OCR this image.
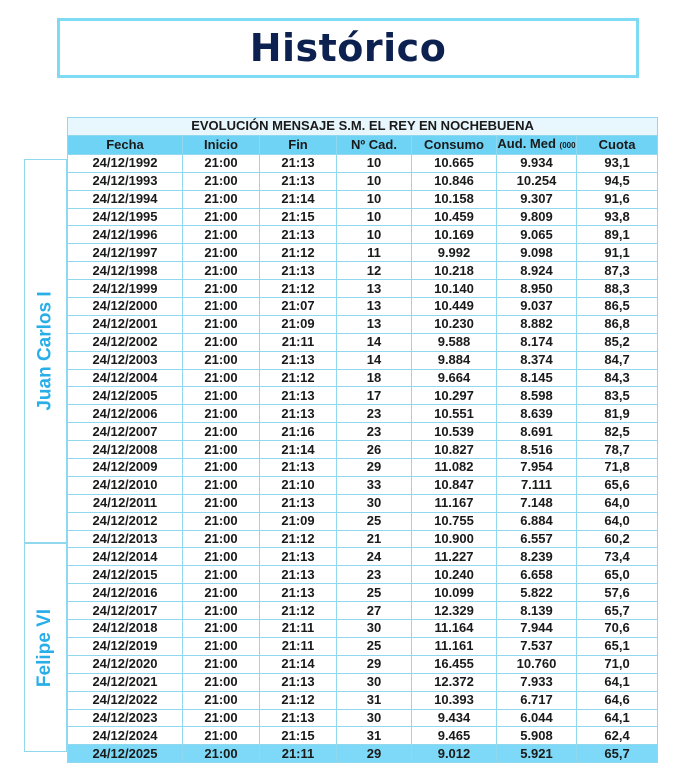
Histórico
Juan Carlos I
Felipe VI
EVOLUCIÓN MENSAJE S.M. EL REY EN NOCHEBUENA						
Fecha	Inicio	Fin	Nº Cad.	Consumo	Aud. Med (000	Cuota
24/12/1992	21:00	21:13	10	10.665	9.934	93,1
24/12/1993	21:00	21:13	10	10.846	10.254	94,5
24/12/1994	21:00	21:14	10	10.158	9.307	91,6
24/12/1995	21:00	21:15	10	10.459	9.809	93,8
24/12/1996	21:00	21:13	10	10.169	9.065	89,1
24/12/1997	21:00	21:12	11	9.992	9.098	91,1
24/12/1998	21:00	21:13	12	10.218	8.924	87,3
24/12/1999	21:00	21:12	13	10.140	8.950	88,3
24/12/2000	21:00	21:07	13	10.449	9.037	86,5
24/12/2001	21:00	21:09	13	10.230	8.882	86,8
24/12/2002	21:00	21:11	14	9.588	8.174	85,2
24/12/2003	21:00	21:13	14	9.884	8.374	84,7
24/12/2004	21:00	21:12	18	9.664	8.145	84,3
24/12/2005	21:00	21:13	17	10.297	8.598	83,5
24/12/2006	21:00	21:13	23	10.551	8.639	81,9
24/12/2007	21:00	21:16	23	10.539	8.691	82,5
24/12/2008	21:00	21:14	26	10.827	8.516	78,7
24/12/2009	21:00	21:13	29	11.082	7.954	71,8
24/12/2010	21:00	21:10	33	10.847	7.111	65,6
24/12/2011	21:00	21:13	30	11.167	7.148	64,0
24/12/2012	21:00	21:09	25	10.755	6.884	64,0
24/12/2013	21:00	21:12	21	10.900	6.557	60,2
24/12/2014	21:00	21:13	24	11.227	8.239	73,4
24/12/2015	21:00	21:13	23	10.240	6.658	65,0
24/12/2016	21:00	21:13	25	10.099	5.822	57,6
24/12/2017	21:00	21:12	27	12.329	8.139	65,7
24/12/2018	21:00	21:11	30	11.164	7.944	70,6
24/12/2019	21:00	21:11	25	11.161	7.537	65,1
24/12/2020	21:00	21:14	29	16.455	10.760	71,0
24/12/2021	21:00	21:13	30	12.372	7.933	64,1
24/12/2022	21:00	21:12	31	10.393	6.717	64,6
24/12/2023	21:00	21:13	30	9.434	6.044	64,1
24/12/2024	21:00	21:15	31	9.465	5.908	62,4
24/12/2025	21:00	21:11	29	9.012	5.921	65,7
